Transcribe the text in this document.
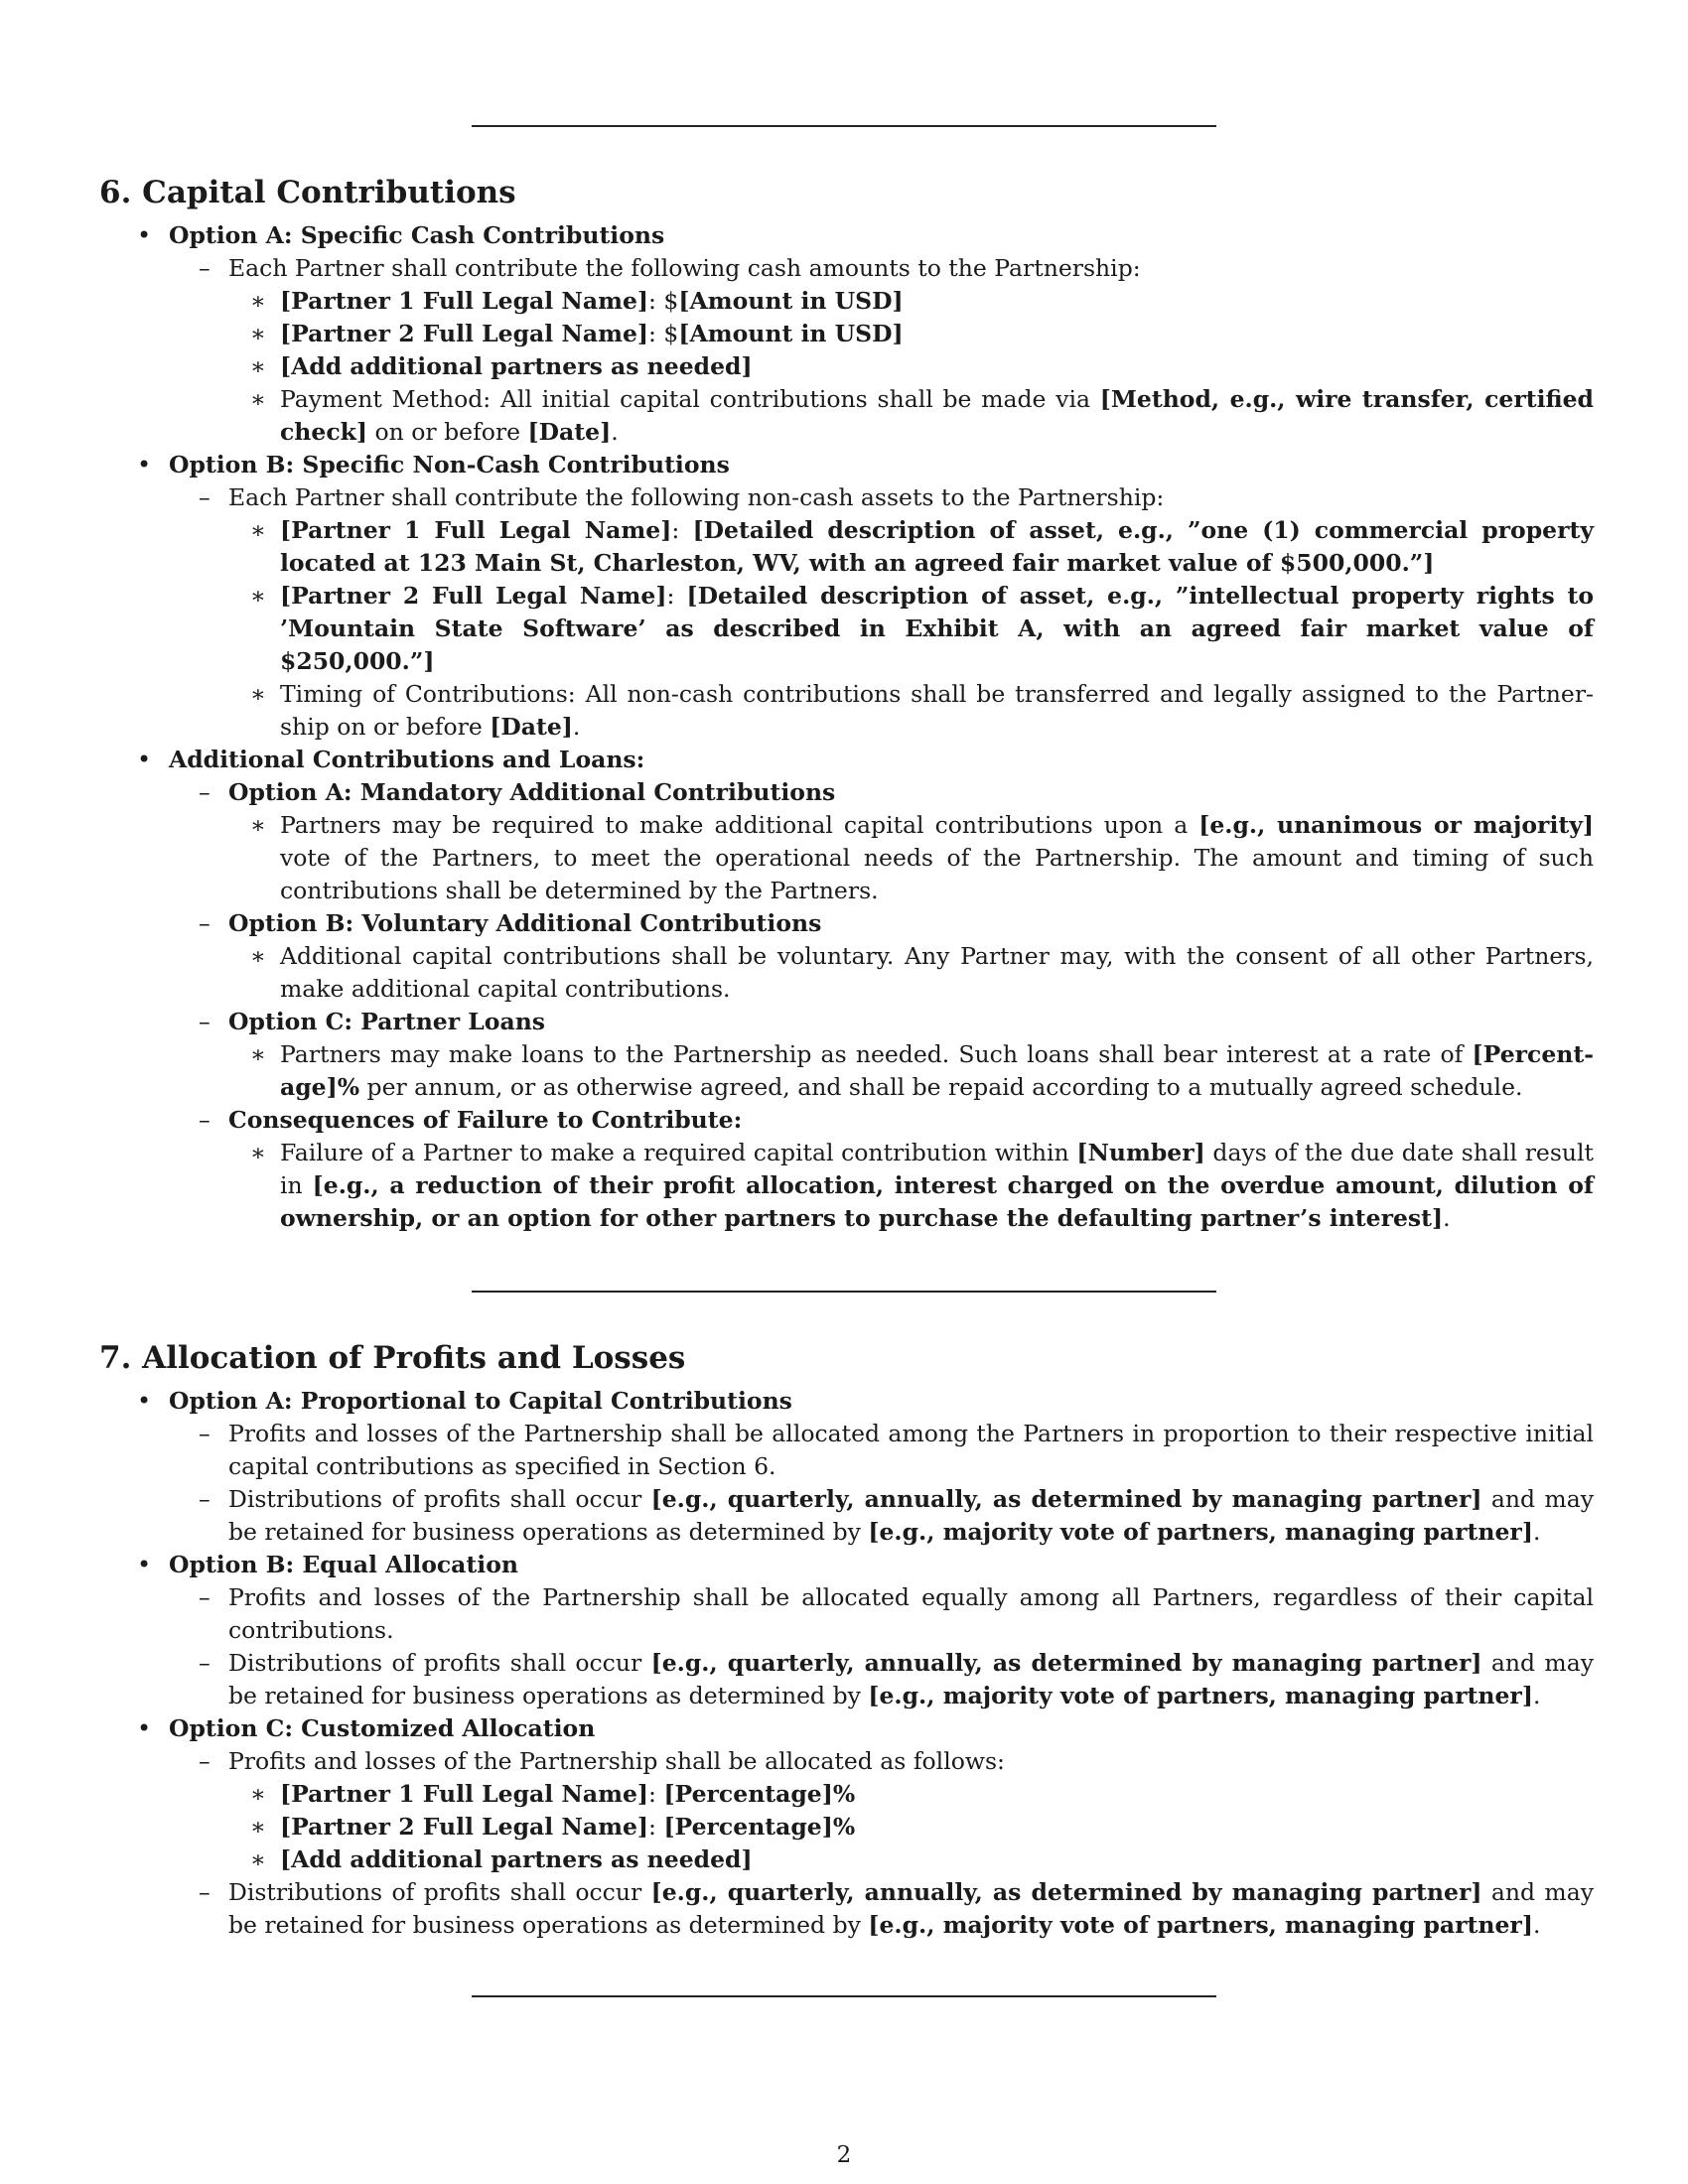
6. Capital Contributions
• Option A: Specific Cash Contributions
– Each Partner shall contribute the following cash amounts to the Partnership:
∗ [Partner 1 Full Legal Name]: $[Amount in USD]
∗ [Partner 2 Full Legal Name]: $[Amount in USD]
∗ [Add additional partners as needed]
∗ Payment Method: All initial capital contributions shall be made via [Method, e.g., wire transfer, certified check] on or before [Date].
• Option B: Specific Non-Cash Contributions
– Each Partner shall contribute the following non-cash assets to the Partnership:
∗ [Partner 1 Full Legal Name]: [Detailed description of asset, e.g., ”one (1) commercial property located at 123 Main St, Charleston, WV, with an agreed fair market value of $500,000.”]
∗ [Partner 2 Full Legal Name]: [Detailed description of asset, e.g., ”intellectual property rights to ’Mountain State Software’ as described in Exhibit A, with an agreed fair market value of $250,000.”]
∗ Timing of Contributions: All non-cash contributions shall be transferred and legally assigned to the Partner-ship on or before [Date].
• Additional Contributions and Loans:
– Option A: Mandatory Additional Contributions
∗ Partners may be required to make additional capital contributions upon a [e.g., unanimous or majority] vote of the Partners, to meet the operational needs of the Partnership. The amount and timing of such contributions shall be determined by the Partners.
– Option B: Voluntary Additional Contributions
∗ Additional capital contributions shall be voluntary. Any Partner may, with the consent of all other Partners, make additional capital contributions.
– Option C: Partner Loans
∗ Partners may make loans to the Partnership as needed. Such loans shall bear interest at a rate of [Percent-age]% per annum, or as otherwise agreed, and shall be repaid according to a mutually agreed schedule.
– Consequences of Failure to Contribute:
∗ Failure of a Partner to make a required capital contribution within [Number] days of the due date shall result in [e.g., a reduction of their profit allocation, interest charged on the overdue amount, dilution of ownership, or an option for other partners to purchase the defaulting partner’s interest].
7. Allocation of Profits and Losses
• Option A: Proportional to Capital Contributions
– Profits and losses of the Partnership shall be allocated among the Partners in proportion to their respective initial capital contributions as specified in Section 6.
– Distributions of profits shall occur [e.g., quarterly, annually, as determined by managing partner] and may be retained for business operations as determined by [e.g., majority vote of partners, managing partner].
• Option B: Equal Allocation
– Profits and losses of the Partnership shall be allocated equally among all Partners, regardless of their capital contributions.
– Distributions of profits shall occur [e.g., quarterly, annually, as determined by managing partner] and may be retained for business operations as determined by [e.g., majority vote of partners, managing partner].
• Option C: Customized Allocation
– Profits and losses of the Partnership shall be allocated as follows:
∗ [Partner 1 Full Legal Name]: [Percentage]%
∗ [Partner 2 Full Legal Name]: [Percentage]%
∗ [Add additional partners as needed]
– Distributions of profits shall occur [e.g., quarterly, annually, as determined by managing partner] and may be retained for business operations as determined by [e.g., majority vote of partners, managing partner].
2
